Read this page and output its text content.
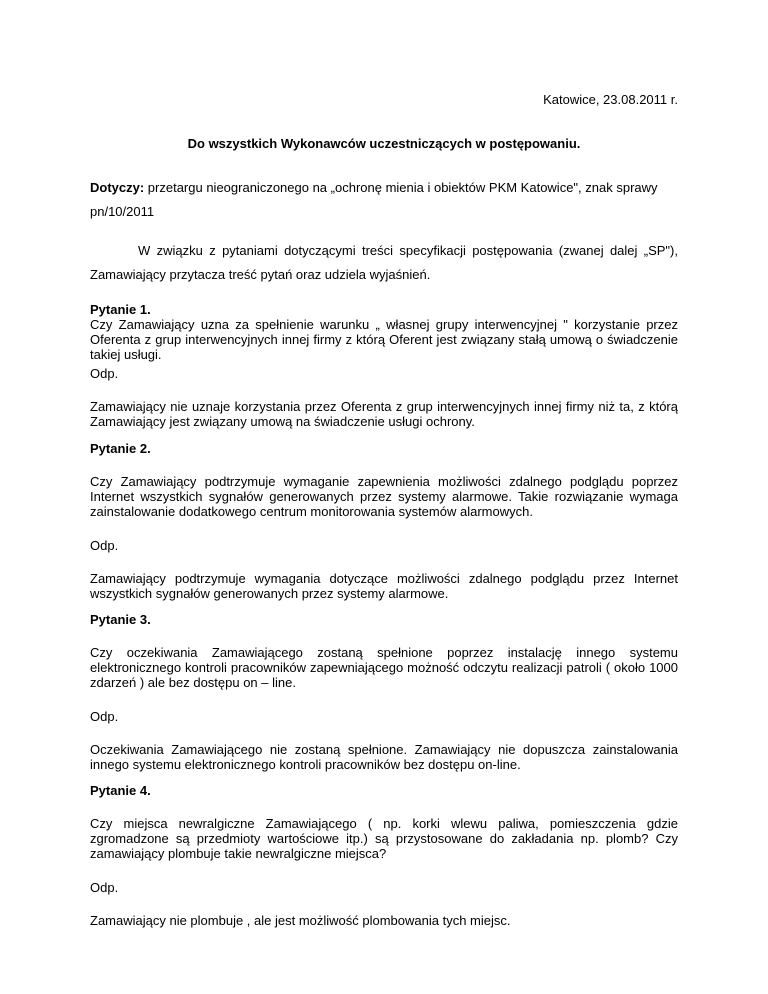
Katowice, 23.08.2011 r.

Do wszystkich Wykonawców uczestniczących w postępowaniu.

Dotyczy: przetargu nieograniczonego na „ochronę mienia i obiektów PKM Katowice", znak sprawy pn/10/2011

W związku z pytaniami dotyczącymi treści specyfikacji postępowania (zwanej dalej „SP"), Zamawiający przytacza treść pytań oraz udziela wyjaśnień.

Pytanie 1.

Czy Zamawiający uzna za spełnienie warunku „ własnej grupy interwencyjnej " korzystanie przez Oferenta z grup interwencyjnych innej firmy z którą Oferent jest związany stałą umową o świadczenie takiej usługi.

Odp.

Zamawiający nie uznaje korzystania przez Oferenta z grup interwencyjnych innej firmy niż ta, z którą Zamawiający jest związany umową na świadczenie usługi ochrony.

Pytanie 2.

Czy Zamawiający podtrzymuje wymaganie zapewnienia możliwości zdalnego podglądu poprzez Internet wszystkich sygnałów generowanych przez systemy alarmowe. Takie rozwiązanie wymaga zainstalowanie dodatkowego centrum monitorowania systemów alarmowych.

Odp.

Zamawiający podtrzymuje wymagania dotyczące możliwości zdalnego podglądu przez Internet wszystkich sygnałów generowanych przez systemy alarmowe.

Pytanie 3.

Czy oczekiwania Zamawiającego zostaną spełnione poprzez instalację innego systemu elektronicznego kontroli pracowników zapewniającego możność odczytu realizacji patroli ( około 1000 zdarzeń ) ale bez dostępu on – line.

Odp.

Oczekiwania Zamawiającego nie zostaną spełnione. Zamawiający nie dopuszcza zainstalowania innego systemu elektronicznego kontroli pracowników bez dostępu on-line.

Pytanie 4.

Czy miejsca newralgiczne Zamawiającego ( np. korki wlewu paliwa, pomieszczenia gdzie zgromadzone są przedmioty wartościowe itp.) są przystosowane do zakładania np. plomb? Czy zamawiający plombuje takie newralgiczne miejsca?

Odp.

Zamawiający nie plombuje , ale jest możliwość plombowania tych miejsc.
